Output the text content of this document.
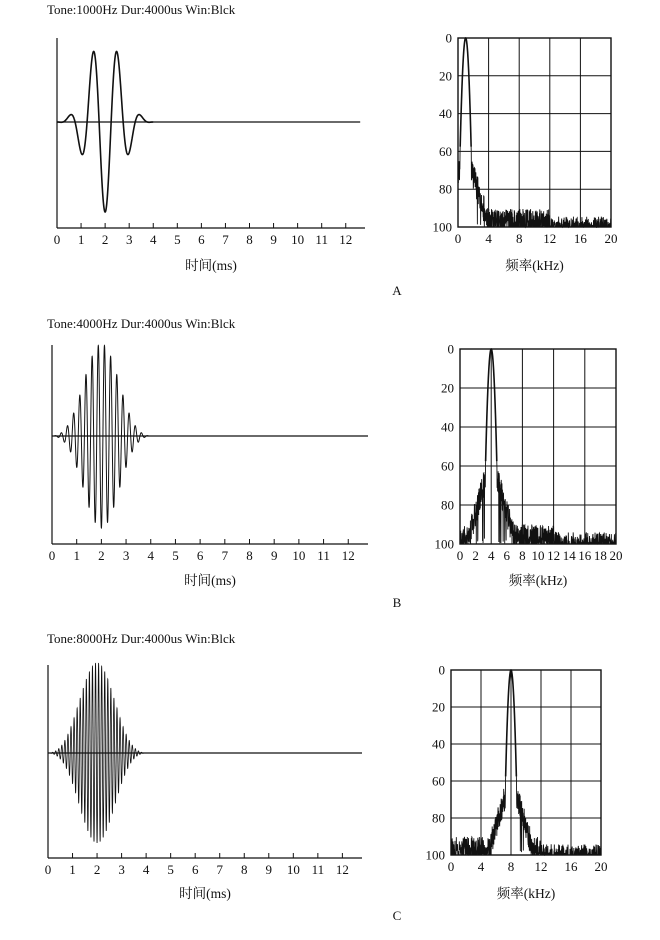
Tone:1000Hz Dur:4000us Win:Blck
A
0 1 2 3 4 5 6 7 8 9 10 11 12
时间(ms)
0
20
40
60
80
100
0 4 8 12 16 20
频率(kHz)
Tone:4000Hz Dur:4000us Win:Blck
B
0 1 2 3 4 5 6 7 8 9 10 11 12
时间(ms)
0
20
40
60
80
100
0 2 4 6 8 10 12 14 16 18 20
频率(kHz)
Tone:8000Hz Dur:4000us Win:Blck
C
0 1 2 3 4 5 6 7 8 9 10 11 12
时间(ms)
0
20
40
60
80
100
0 4 8 12 16 20
频率(kHz)
